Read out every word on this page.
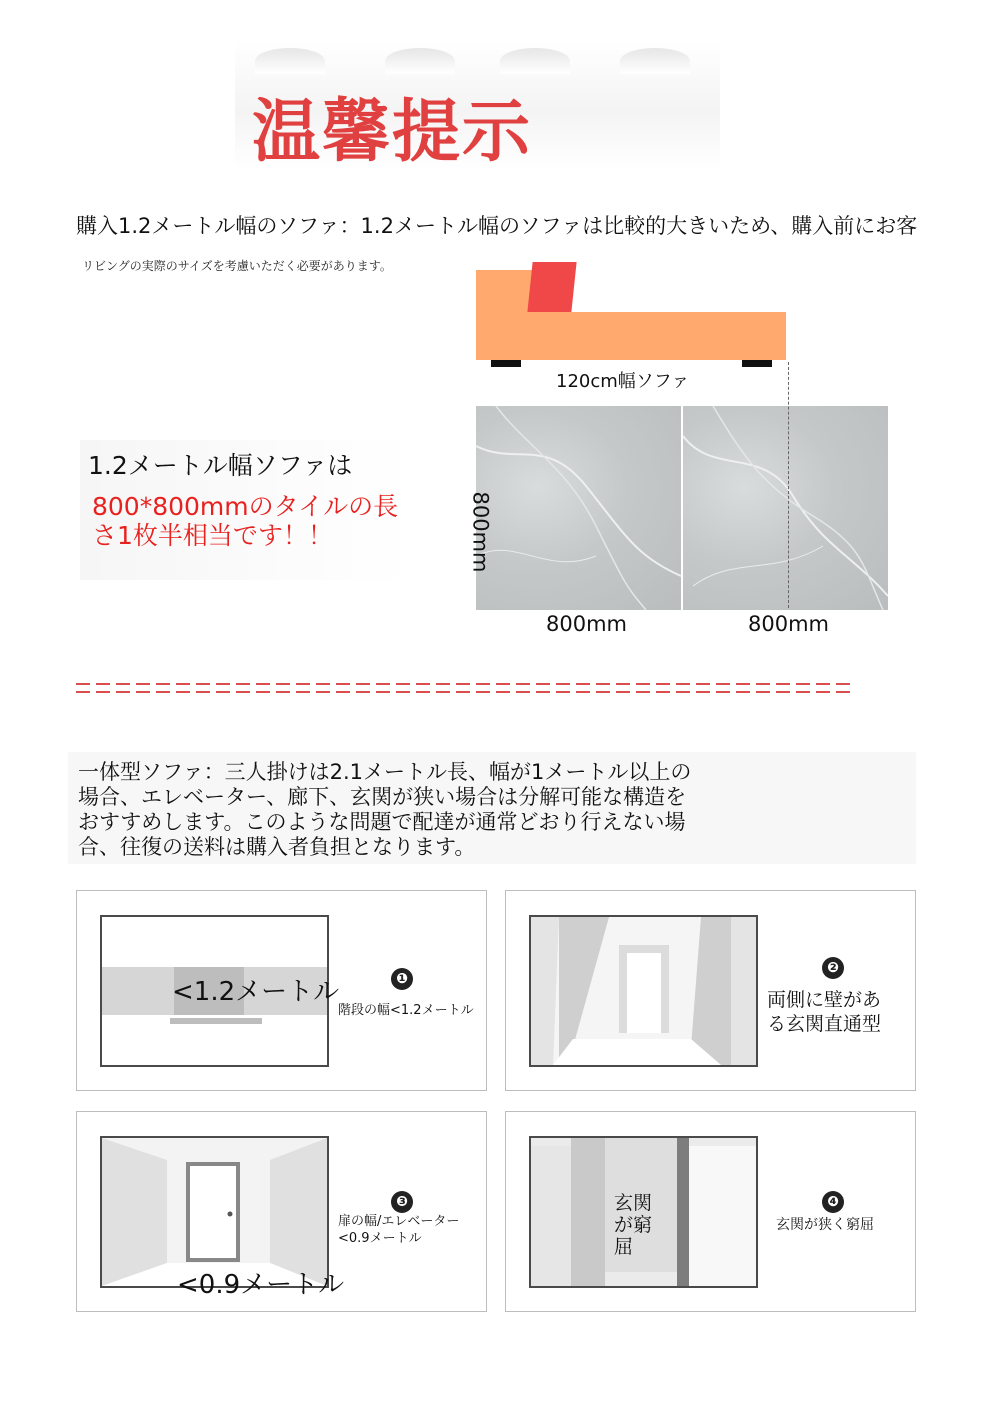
温馨提示
購入1.2メートル幅のソファ：1.2メートル幅のソファは比較的大きいため、購入前にお客
リビングの実際のサイズを考慮いただく必要があります。
120cm幅ソファ
800mm
800mm	800mm
1.2メートル幅ソファは
800*800mmのタイルの長さ1枚半相当です！！
一体型ソファ：三人掛けは2.1メートル長、幅が1メートル以上の
場合、エレベーター、廊下、玄関が狭い場合は分解可能な構造を
おすすめします。このような問題で配達が通常どおり行えない場
合、往復の送料は購入者負担となります。
<1.2メートル	❶
階段の幅<1.2メートル
❷
両側に壁があ
る玄関直通型
<0.9メートル
❸
扉の幅/エレベーター
<0.9メートル
玄関
が窮
屈
❹
玄関が狭く窮屈
